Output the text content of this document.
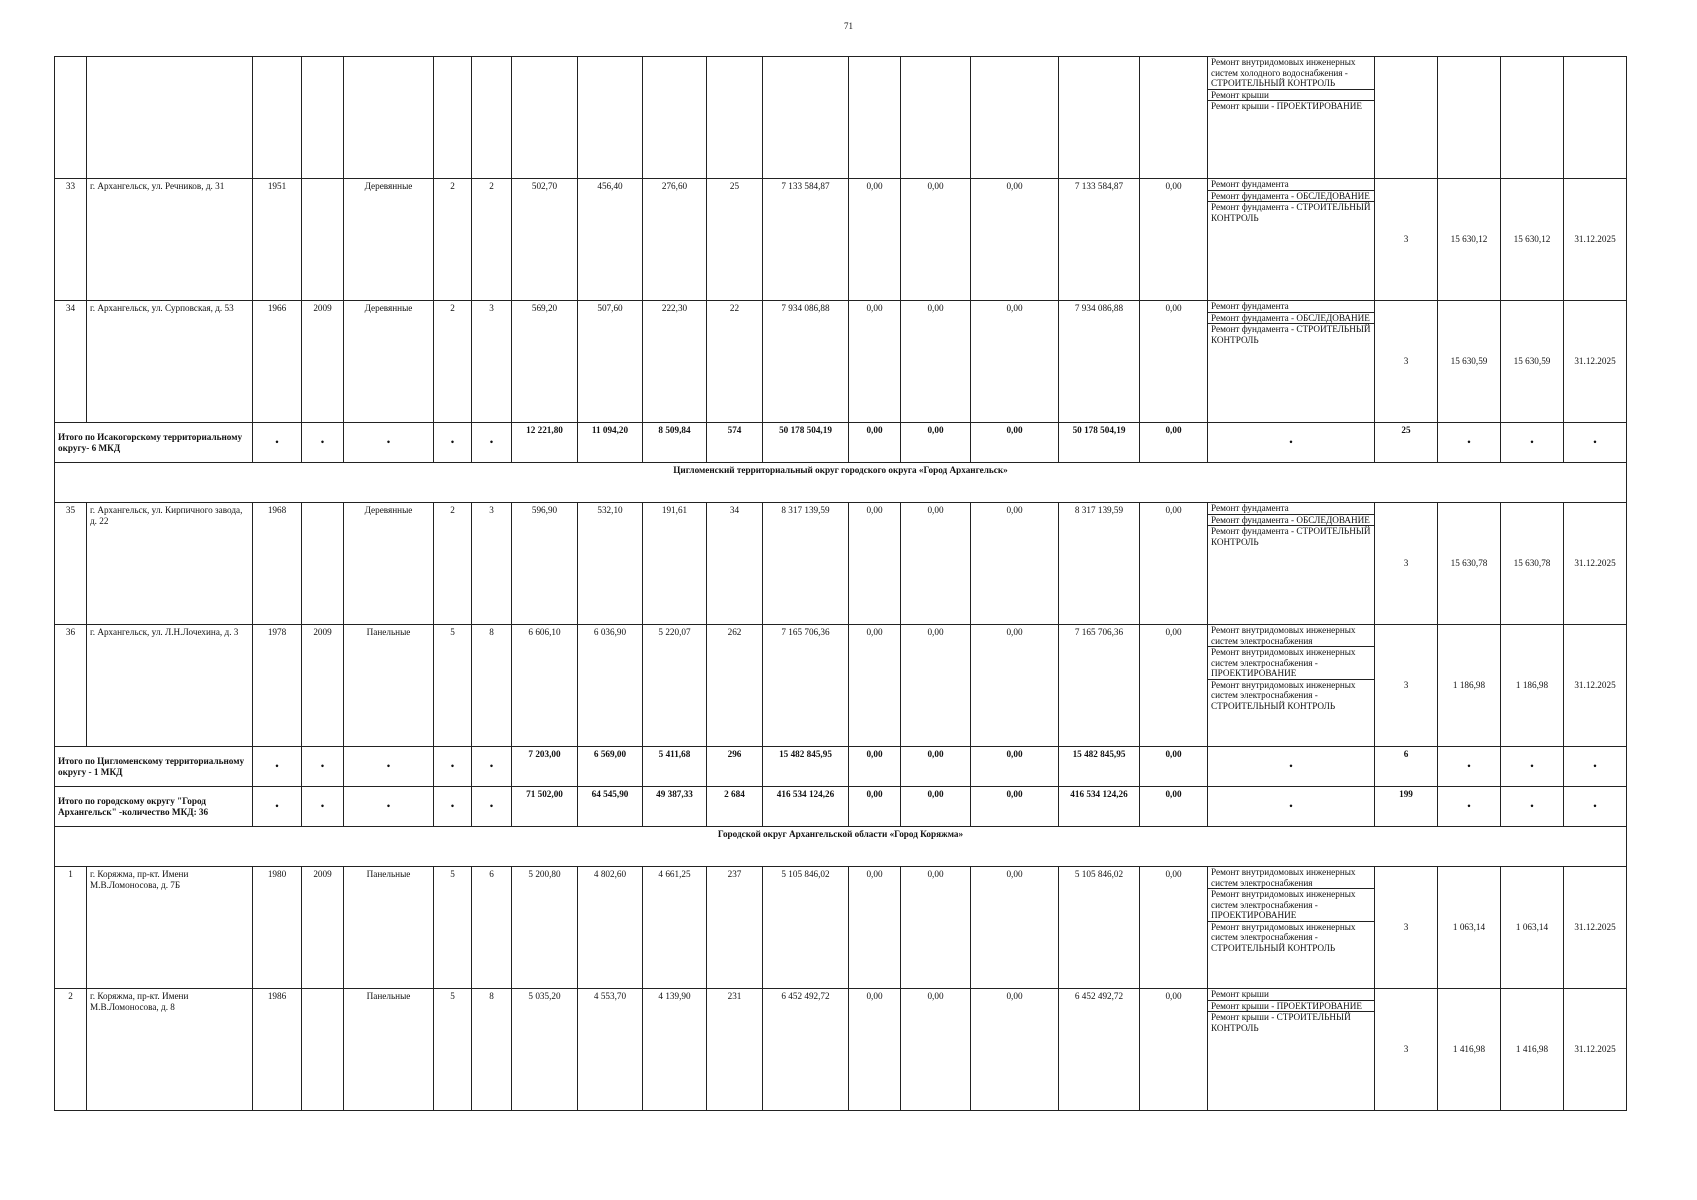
71

Ремонт внутридомовых инженерных систем холодного водоснабжения - СТРОИТЕЛЬНЫЙ КОНТРОЛЬ
Ремонт крыши
Ремонт крыши - ПРОЕКТИРОВАНИЕ				

33	г. Архангельск, ул. Речников, д. 31	1951		Деревянные	2	2	502,70	456,40	276,60	25	7 133 584,87	0,00	0,00	0,00	7 133 584,87	0,00	Ремонт фундамента
Ремонт фундамента - ОБСЛЕДОВАНИЕ
Ремонт фундамента - СТРОИТЕЛЬНЫЙ КОНТРОЛЬ	3	15 630,12	15 630,12	31.12.2025
34	г. Архангельск, ул. Сурповская, д. 53	1966	2009	Деревянные	2	3	569,20	507,60	222,30	22	7 934 086,88	0,00	0,00	0,00	7 934 086,88	0,00	Ремонт фундамента
Ремонт фундамента - ОБСЛЕДОВАНИЕ
Ремонт фундамента - СТРОИТЕЛЬНЫЙ КОНТРОЛЬ	3	15 630,59	15 630,59	31.12.2025
Итого по Исакогорскому территориальному округу- 6 МКД		•	•	•	•	•	12 221,80	11 094,20	8 509,84	574	50 178 504,19	0,00	0,00	0,00	50 178 504,19	0,00	•	25	•	•	•
Цигломенский территориальный округ городского округа «Город Архангельск»																					
35	г. Архангельск, ул. Кирпичного завода, д. 22	1968		Деревянные	2	3	596,90	532,10	191,61	34	8 317 139,59	0,00	0,00	0,00	8 317 139,59	0,00	Ремонт фундамента
Ремонт фундамента - ОБСЛЕДОВАНИЕ
Ремонт фундамента - СТРОИТЕЛЬНЫЙ КОНТРОЛЬ	3	15 630,78	15 630,78	31.12.2025
36	г. Архангельск, ул. Л.Н.Лочехина, д. 3	1978	2009	Панельные	5	8	6 606,10	6 036,90	5 220,07	262	7 165 706,36	0,00	0,00	0,00	7 165 706,36	0,00	Ремонт внутридомовых инженерных систем электроснабжения
Ремонт внутридомовых инженерных систем электроснабжения - ПРОЕКТИРОВАНИЕ
Ремонт внутридомовых инженерных систем электроснабжения - СТРОИТЕЛЬНЫЙ КОНТРОЛЬ	3	1 186,98	1 186,98	31.12.2025
Итого по Цигломенскому территориальному округу - 1 МКД		•	•	•	•	•	7 203,00	6 569,00	5 411,68	296	15 482 845,95	0,00	0,00	0,00	15 482 845,95	0,00	•	6	•	•	•
Итого по городскому округу "Город Архангельск" -количество МКД: 36		•	•	•	•	•	71 502,00	64 545,90	49 387,33	2 684	416 534 124,26	0,00	0,00	0,00	416 534 124,26	0,00	•	199	•	•	•
Городской округ Архангельской области «Город Коряжма»																					
1	г. Коряжма, пр-кт. Имени М.В.Ломоносова, д. 7Б	1980	2009	Панельные	5	6	5 200,80	4 802,60	4 661,25	237	5 105 846,02	0,00	0,00	0,00	5 105 846,02	0,00	Ремонт внутридомовых инженерных систем электроснабжения
Ремонт внутридомовых инженерных систем электроснабжения - ПРОЕКТИРОВАНИЕ
Ремонт внутридомовых инженерных систем электроснабжения - СТРОИТЕЛЬНЫЙ КОНТРОЛЬ	3	1 063,14	1 063,14	31.12.2025
2	г. Коряжма, пр-кт. Имени М.В.Ломоносова, д. 8	1986		Панельные	5	8	5 035,20	4 553,70	4 139,90	231	6 452 492,72	0,00	0,00	0,00	6 452 492,72	0,00	Ремонт крыши
Ремонт крыши - ПРОЕКТИРОВАНИЕ
Ремонт крыши - СТРОИТЕЛЬНЫЙ КОНТРОЛЬ	3	1 416,98	1 416,98	31.12.2025
